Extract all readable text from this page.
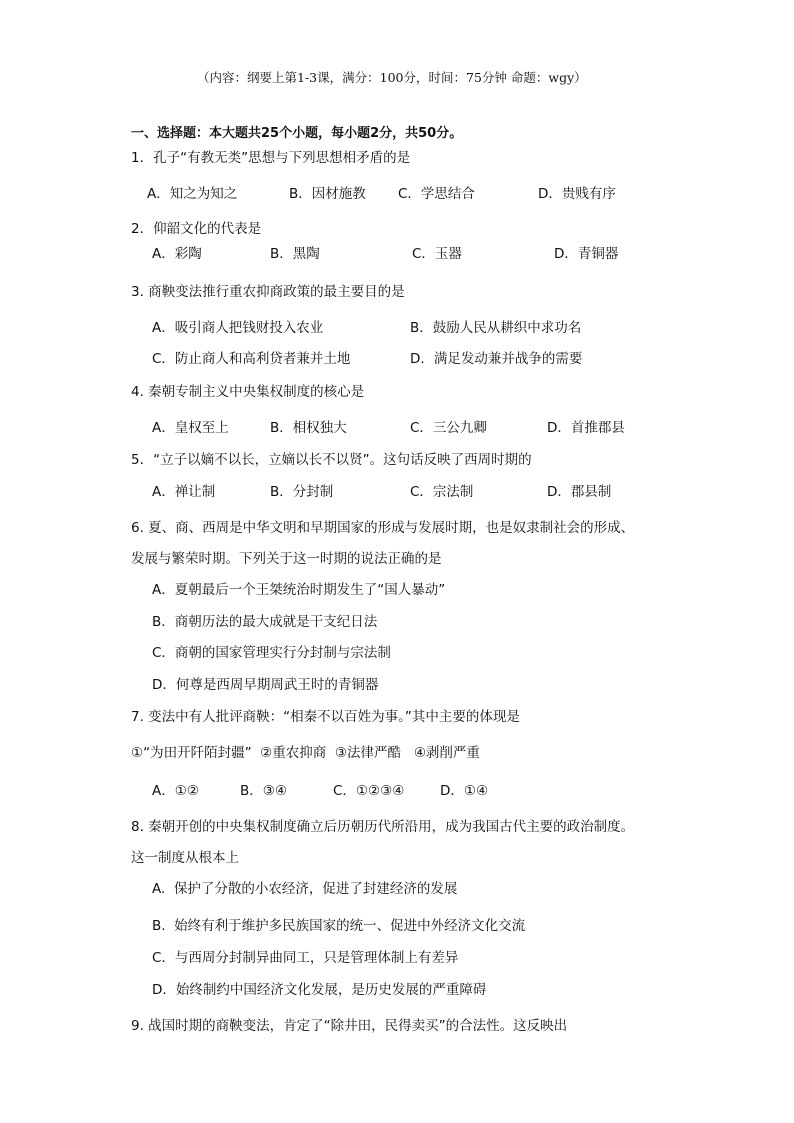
（内容：纲要上第1-3课，满分：100分，时间：75分钟 命题：wgy）
一、选择题：本大题共25个小题，每小题2分，共50分。
1．孔子“有教无类”思想与下列思想相矛盾的是
A．知之为知之	B．因材施教 C．学思结合	D．贵贱有序
2．仰韶文化的代表是
A．彩陶	B．黑陶	C．玉器	D．青铜器
3. 商鞅变法推行重农抑商政策的最主要目的是
A．吸引商人把钱财投入农业	B．鼓励人民从耕织中求功名
C．防止商人和高利贷者兼并土地	D．满足发动兼并战争的需要
4. 秦朝专制主义中央集权制度的核心是
A．皇权至上	B．相权独大	C．三公九卿	D．首推郡县
5．“立子以嫡不以长，立嫡以长不以贤”。这句话反映了西周时期的
A．禅让制	B．分封制	C．宗法制	D．郡县制
6. 夏、商、西周是中华文明和早期国家的形成与发展时期，也是奴隶制社会的形成、
发展与繁荣时期。下列关于这一时期的说法正确的是
A．夏朝最后一个王桀统治时期发生了“国人暴动”
B．商朝历法的最大成就是干支纪日法
C．商朝的国家管理实行分封制与宗法制
D．何尊是西周早期周武王时的青铜器
7. 变法中有人批评商鞅：“相秦不以百姓为事。”其中主要的体现是
①“为田开阡陌封疆”  ②重农抑商  ③法律严酷   ④剥削严重
A．①②	B．③④	C．①②③④	D．①④
8. 秦朝开创的中央集权制度确立后历朝历代所沿用，成为我国古代主要的政治制度。
这一制度从根本上
A.  保护了分散的小农经济，促进了封建经济的发展
B.  始终有利于维护多民族国家的统一、促进中外经济文化交流
C．与西周分封制异曲同工，只是管理体制上有差异
D．始终制约中国经济文化发展，是历史发展的严重障碍
9. 战国时期的商鞅变法，肯定了“除井田，民得卖买”的合法性。这反映出
